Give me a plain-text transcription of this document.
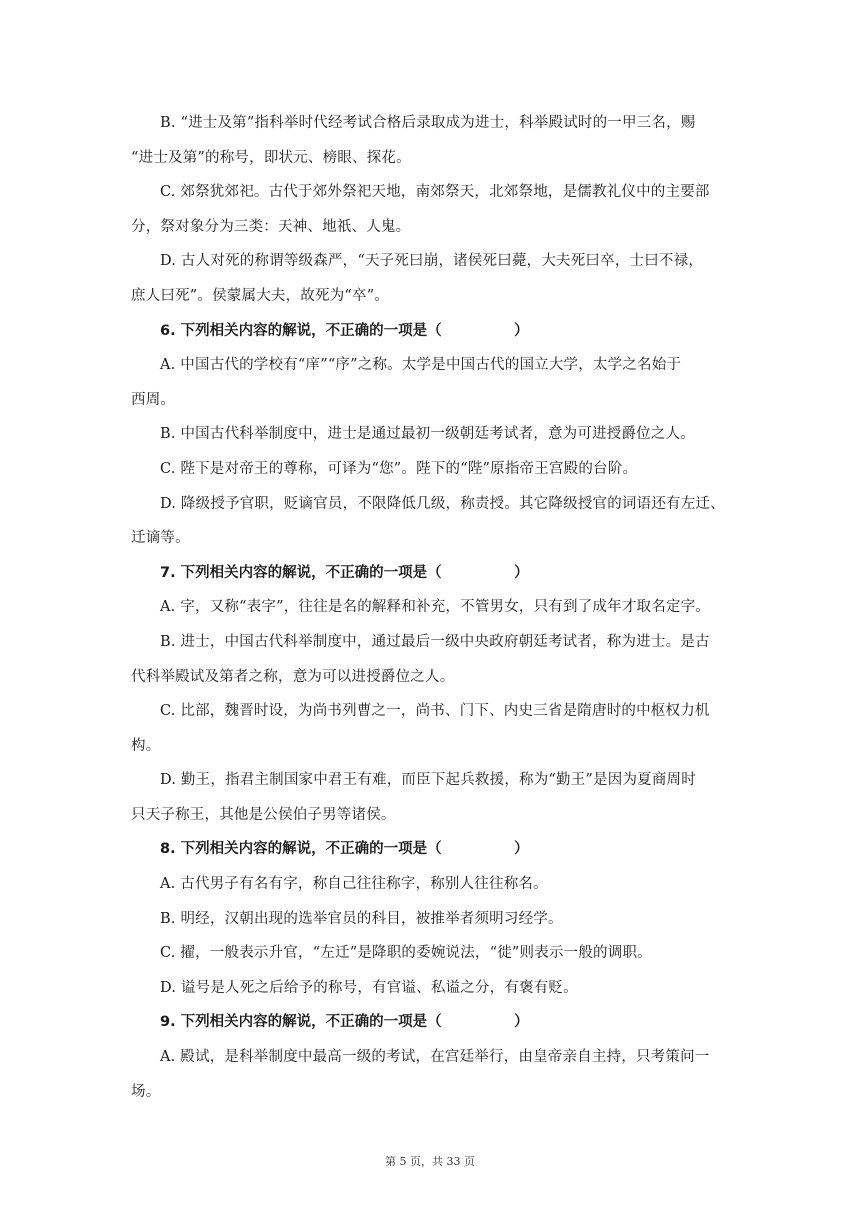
B. “进士及第”指科举时代经考试合格后录取成为进士，科举殿试时的一甲三名，赐
“进士及第”的称号，即状元、榜眼、探花。
C. 郊祭犹郊祀。古代于郊外祭祀天地，南郊祭天，北郊祭地，是儒教礼仪中的主要部
分，祭对象分为三类：天神、地祇、人鬼。
D. 古人对死的称谓等级森严，“天子死曰崩，诸侯死曰薨，大夫死曰卒，士曰不禄，
庶人曰死”。侯蒙属大夫，故死为“卒”。
6. 下列相关内容的解说，不正确的一项是（　　　　　）
A. 中国古代的学校有“庠”“序”之称。太学是中国古代的国立大学，太学之名始于
西周。
B. 中国古代科举制度中，进士是通过最初一级朝廷考试者，意为可进授爵位之人。
C. 陛下是对帝王的尊称，可译为“您”。陛下的“陛”原指帝王宫殿的台阶。
D. 降级授予官职，贬谪官员，不限降低几级，称责授。其它降级授官的词语还有左迁、
迁谪等。
7. 下列相关内容的解说，不正确的一项是（　　　　　）
A. 字，又称“表字”，往往是名的解释和补充，不管男女，只有到了成年才取名定字。
B. 进士，中国古代科举制度中，通过最后一级中央政府朝廷考试者，称为进士。是古
代科举殿试及第者之称，意为可以进授爵位之人。
C. 比部，魏晋时设，为尚书列曹之一，尚书、门下、内史三省是隋唐时的中枢权力机
构。
D. 勤王，指君主制国家中君王有难，而臣下起兵救援，称为“勤王”是因为夏商周时
只天子称王，其他是公侯伯子男等诸侯。
8. 下列相关内容的解说，不正确的一项是（　　　　　）
A. 古代男子有名有字，称自己往往称字，称别人往往称名。
B. 明经，汉朝出现的选举官员的科目，被推举者须明习经学。
C. 擢，一般表示升官，“左迁”是降职的委婉说法，“徙”则表示一般的调职。
D. 谥号是人死之后给予的称号，有官谥、私谥之分，有褒有贬。
9. 下列相关内容的解说，不正确的一项是（　　　　　）
A. 殿试，是科举制度中最高一级的考试，在宫廷举行，由皇帝亲自主持，只考策问一
场。
第 5 页，共 33 页
